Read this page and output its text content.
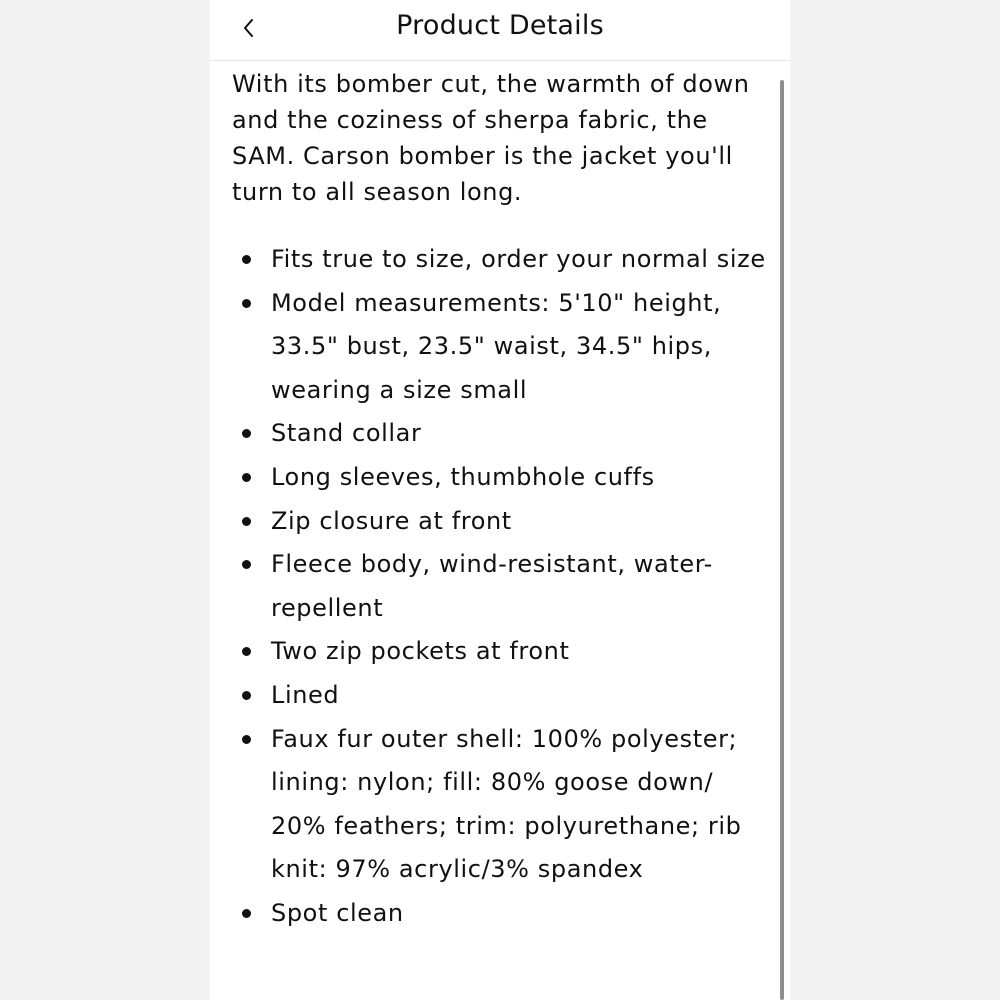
Product Details

With its bomber cut, the warmth of down and the coziness of sherpa fabric, the SAM. Carson bomber is the jacket you'll turn to all season long.

Fits true to size, order your normal size
Model measurements: 5'10" height, 33.5" bust, 23.5" waist, 34.5" hips, wearing a size small
Stand collar
Long sleeves, thumbhole cuffs
Zip closure at front
Fleece body, wind-resistant, water-repellent
Two zip pockets at front
Lined
Faux fur outer shell: 100% polyester; lining: nylon; fill: 80% goose down/ 20% feathers; trim: polyurethane; rib knit: 97% acrylic/3% spandex
Spot clean
